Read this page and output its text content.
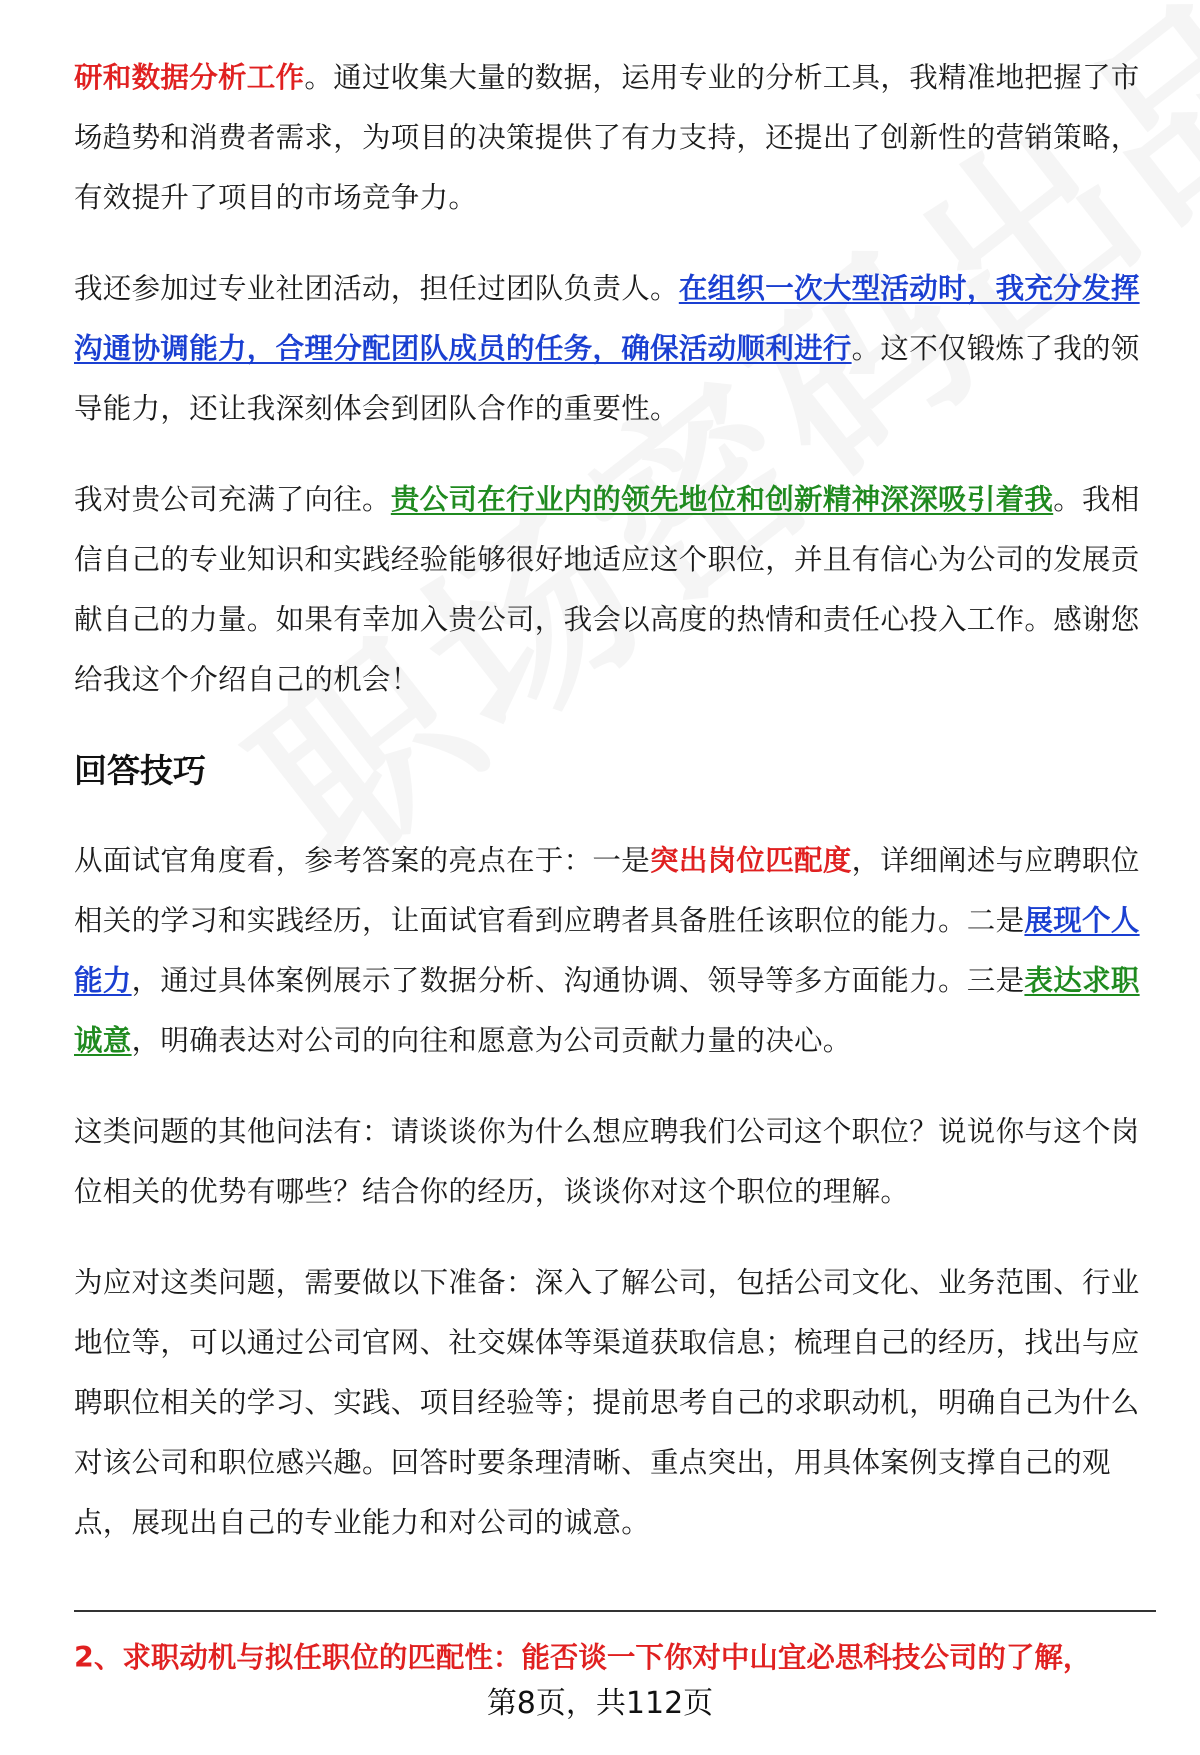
研和数据分析工作。通过收集大量的数据，运用专业的分析工具，我精准地把握了市场趋势和消费者需求，为项目的决策提供了有力支持，还提出了创新性的营销策略，有效提升了项目的市场竞争力。

我还参加过专业社团活动，担任过团队负责人。在组织一次大型活动时，我充分发挥沟通协调能力，合理分配团队成员的任务，确保活动顺利进行。这不仅锻炼了我的领导能力，还让我深刻体会到团队合作的重要性。

我对贵公司充满了向往。贵公司在行业内的领先地位和创新精神深深吸引着我。我相信自己的专业知识和实践经验能够很好地适应这个职位，并且有信心为公司的发展贡献自己的力量。如果有幸加入贵公司，我会以高度的热情和责任心投入工作。感谢您给我这个介绍自己的机会！

回答技巧

从面试官角度看，参考答案的亮点在于：一是突出岗位匹配度，详细阐述与应聘职位相关的学习和实践经历，让面试官看到应聘者具备胜任该职位的能力。二是展现个人能力，通过具体案例展示了数据分析、沟通协调、领导等多方面能力。三是表达求职诚意，明确表达对公司的向往和愿意为公司贡献力量的决心。

这类问题的其他问法有：请谈谈你为什么想应聘我们公司这个职位？说说你与这个岗位相关的优势有哪些？结合你的经历，谈谈你对这个职位的理解。

为应对这类问题，需要做以下准备：深入了解公司，包括公司文化、业务范围、行业地位等，可以通过公司官网、社交媒体等渠道获取信息；梳理自己的经历，找出与应聘职位相关的学习、实践、项目经验等；提前思考自己的求职动机，明确自己为什么对该公司和职位感兴趣。回答时要条理清晰、重点突出，用具体案例支撑自己的观点，展现出自己的专业能力和对公司的诚意。

2、求职动机与拟任职位的匹配性：能否谈一下你对中山宜必思科技公司的了解，
第8页，共112页
